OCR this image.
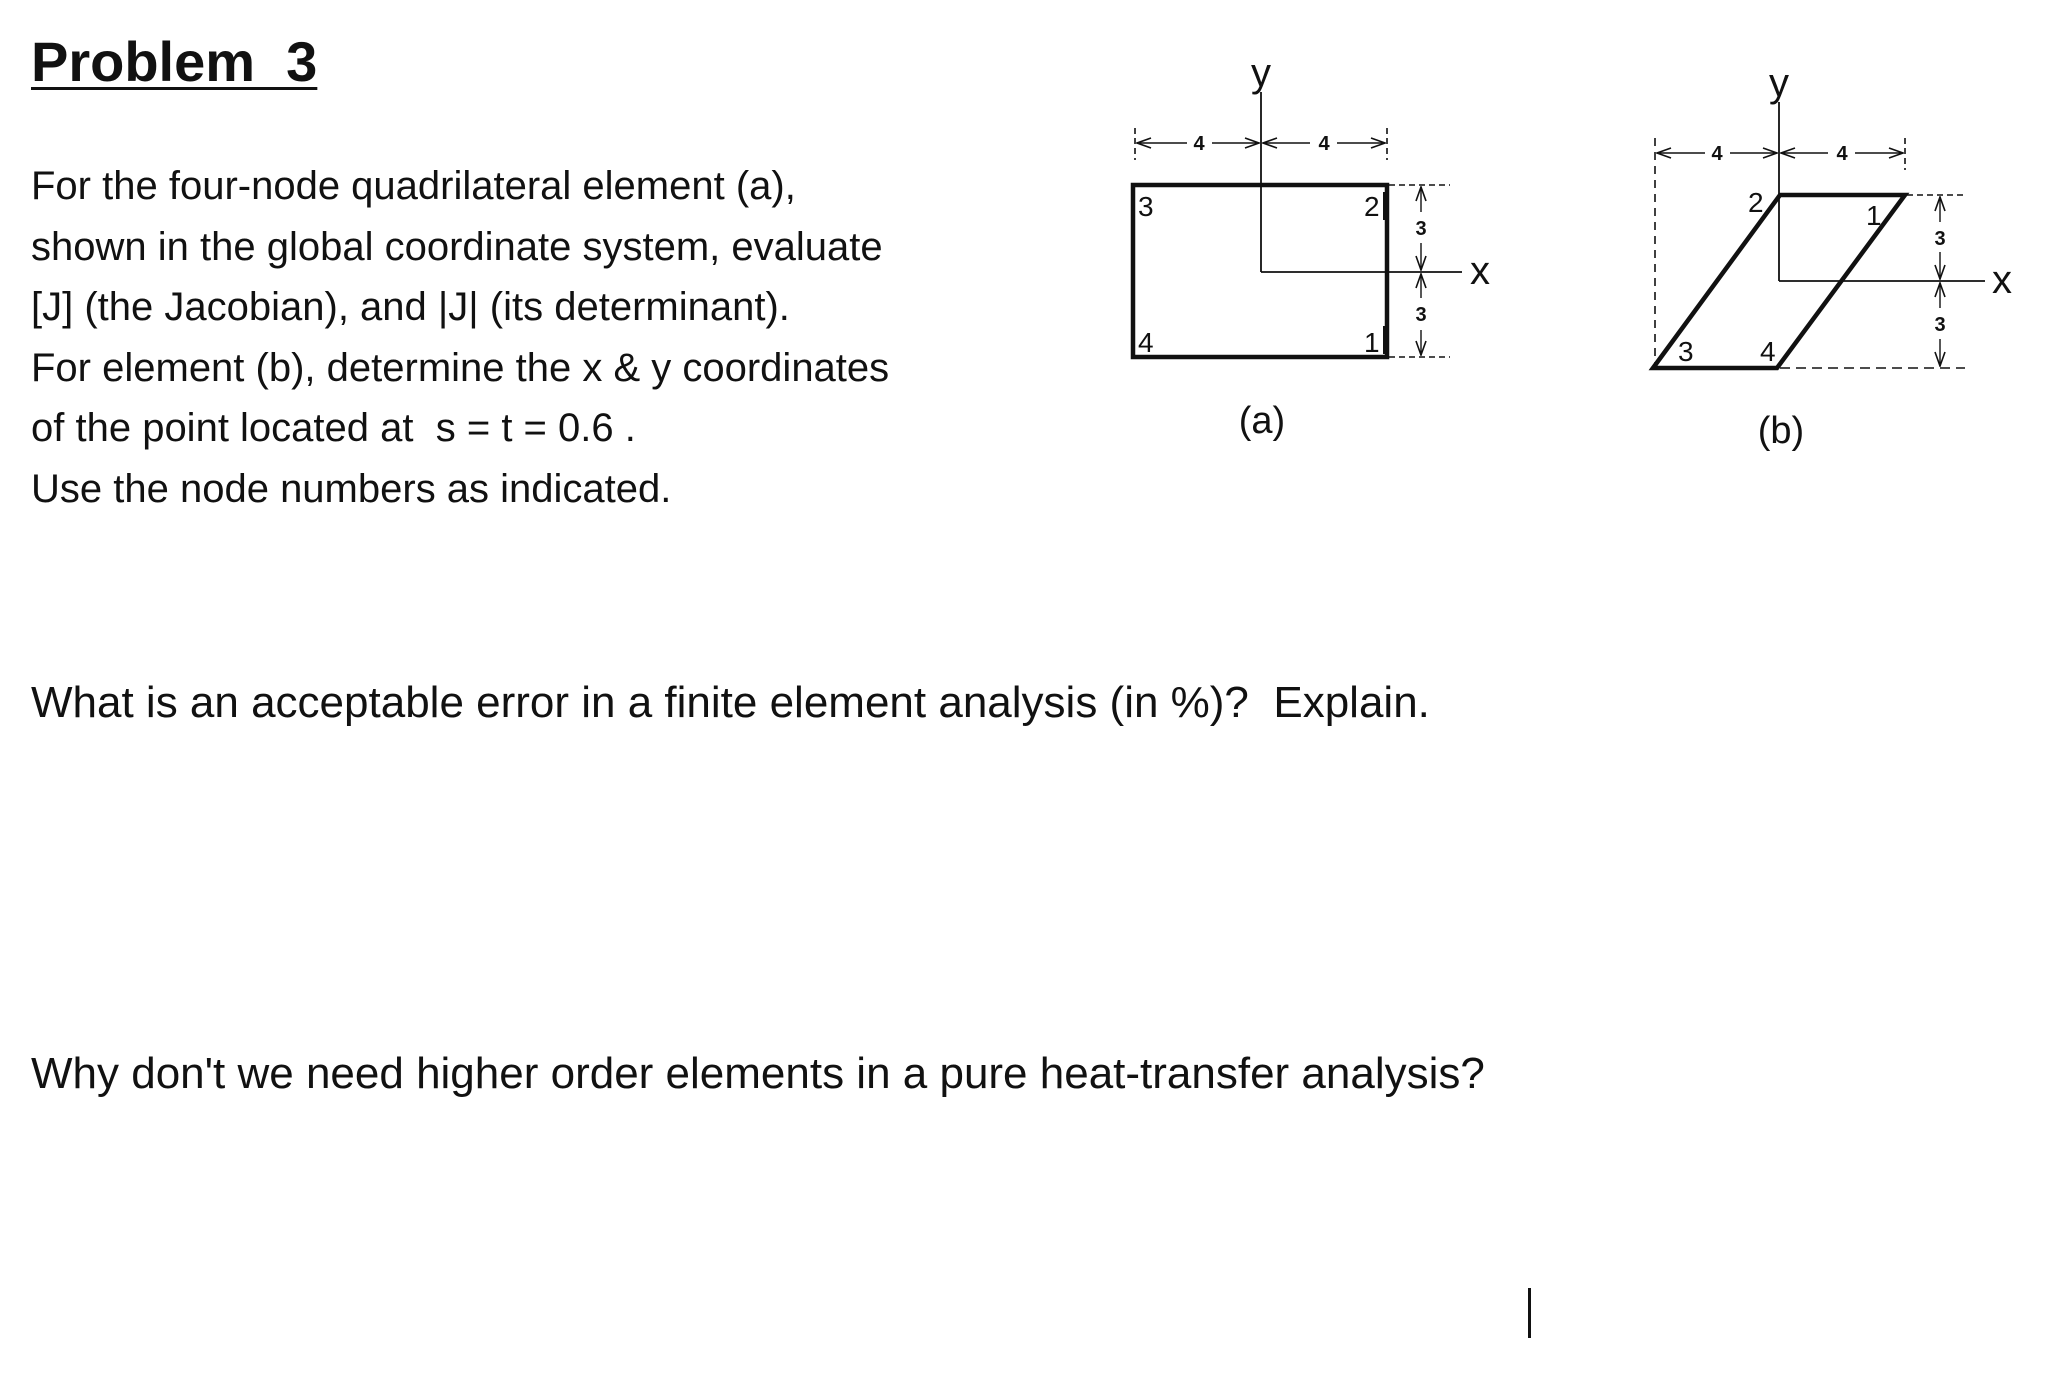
Problem  3

For the four-node quadrilateral element (a),
shown in the global coordinate system, evaluate
[J] (the Jacobian), and |J| (its determinant).
For element (b), determine the x & y coordinates
of the point located at  s = t = 0.6 .
Use the node numbers as indicated.

What is an acceptable error in a finite element analysis (in %)?  Explain.

Why don't we need higher order elements in a pure heat-transfer analysis?

y
x
4	4
3
3
3	2
4	1
(a)
y
x
4	4
3
3
2	1
3 4
(b)
